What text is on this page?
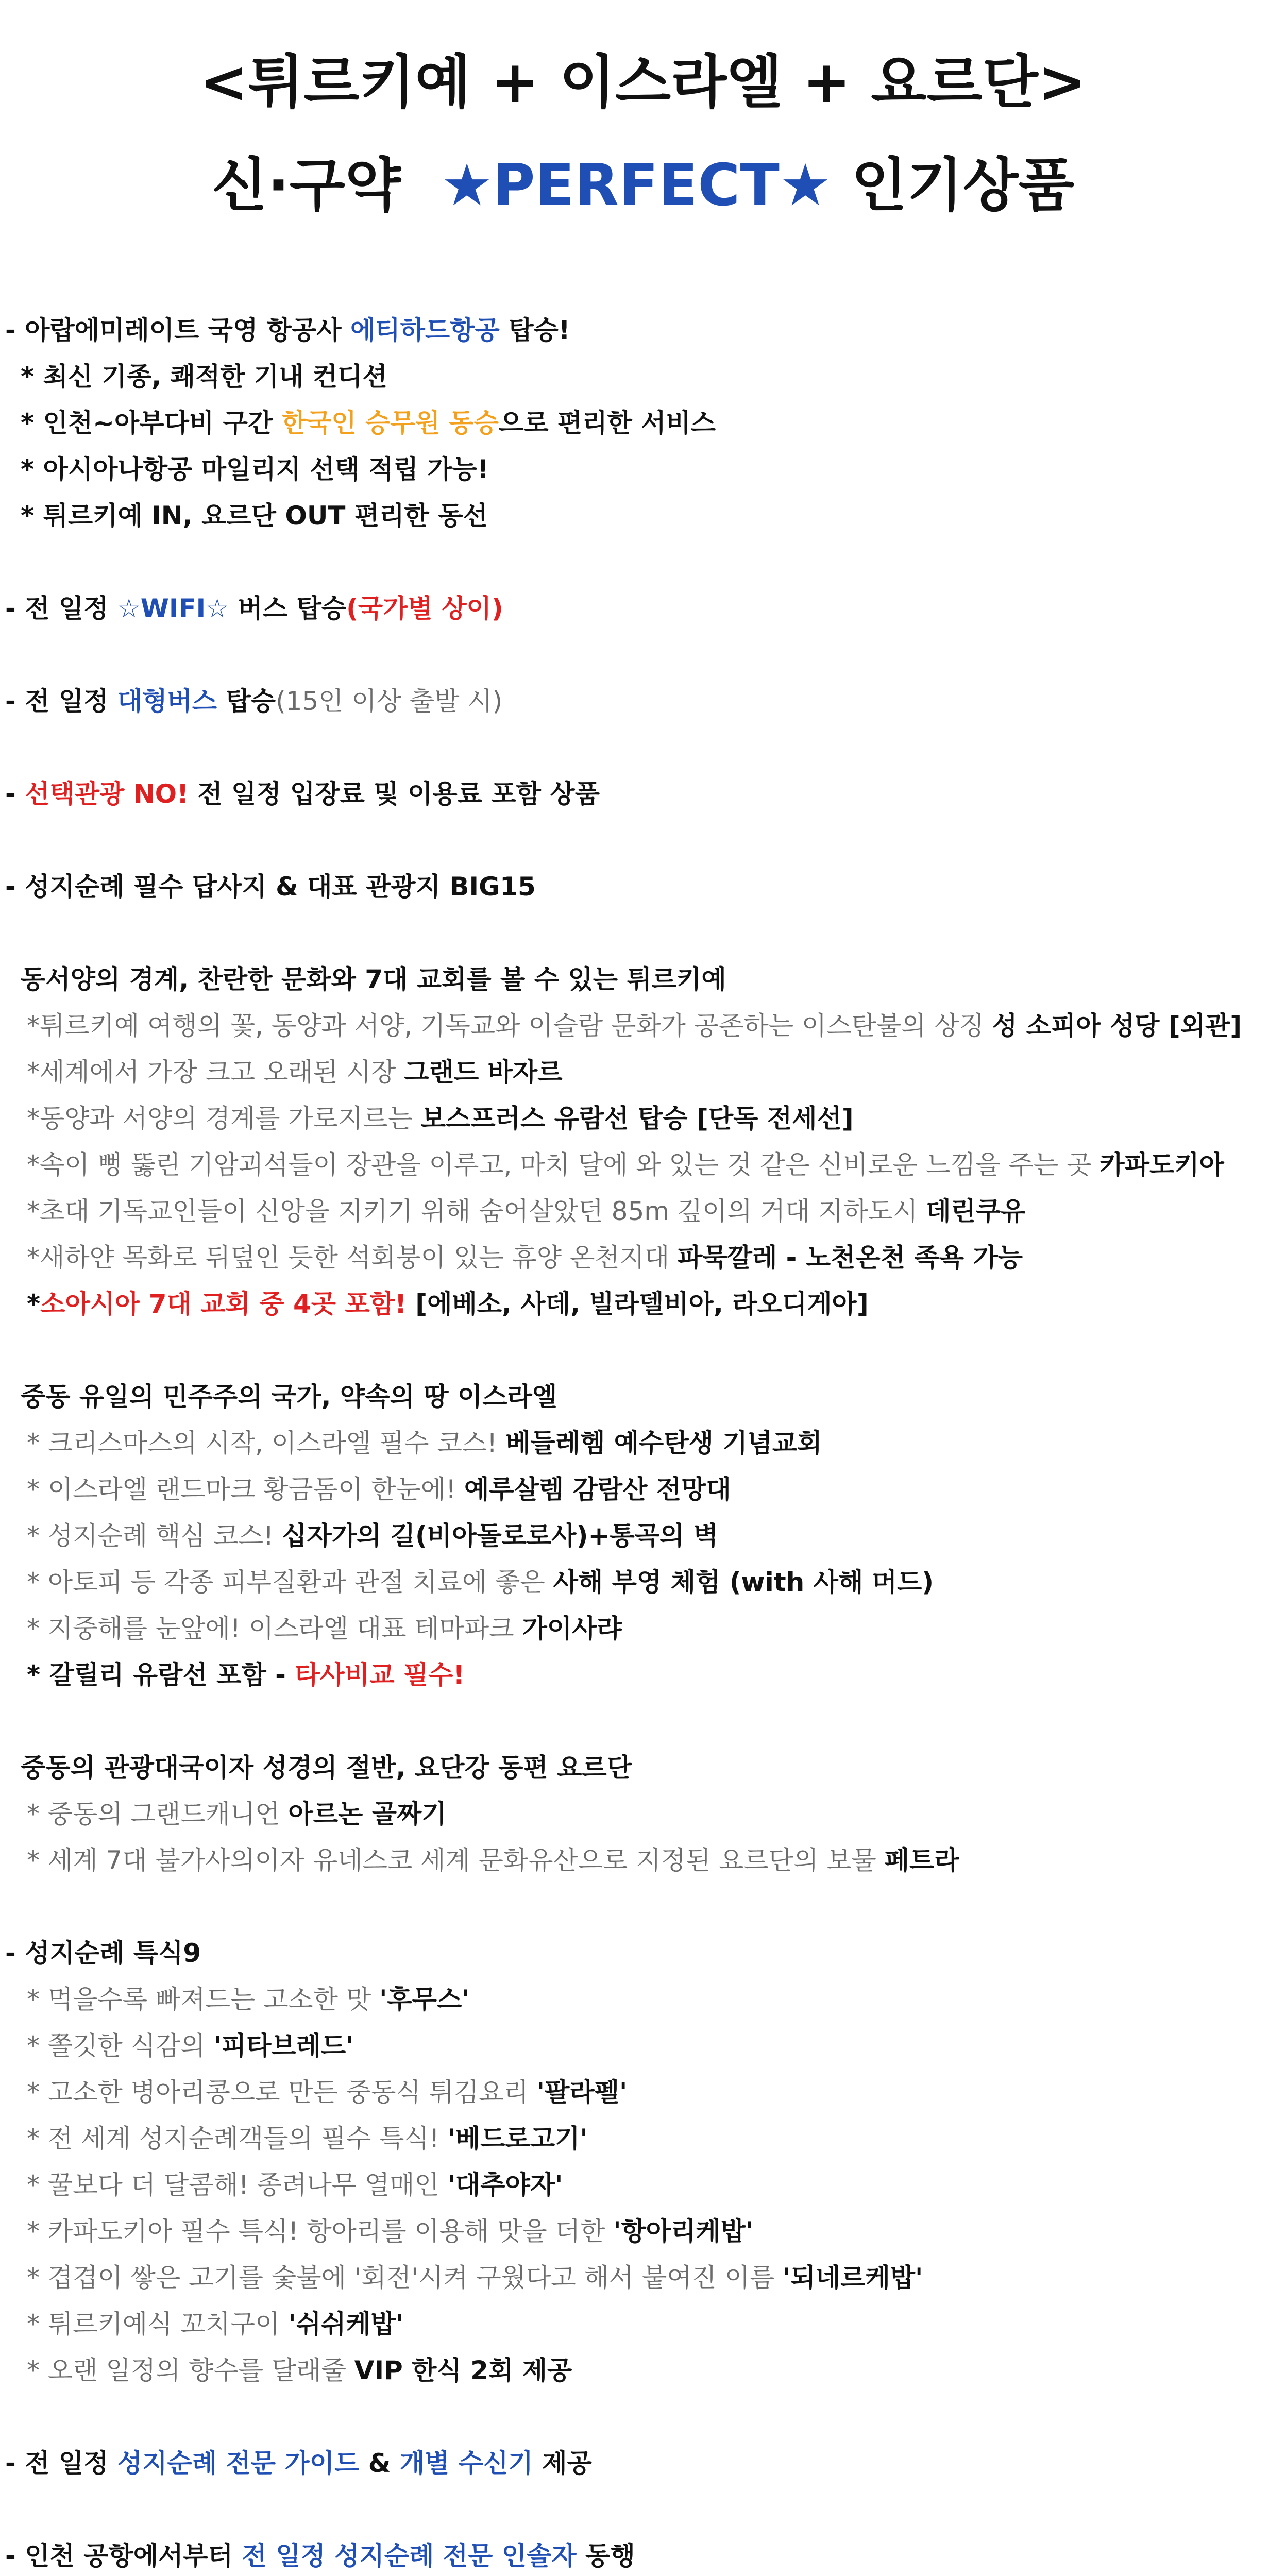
<튀르키예 + 이스라엘 + 요르단>
신·구약  ★PERFECT★ 인기상품
- 아랍에미레이트 국영 항공사 에티하드항공 탑승!
* 최신 기종, 쾌적한 기내 컨디션
* 인천~아부다비 구간 한국인 승무원 동승으로 편리한 서비스
* 아시아나항공 마일리지 선택 적립 가능!
* 튀르키예 IN, 요르단 OUT 편리한 동선
- 전 일정 ☆WIFI☆ 버스 탑승(국가별 상이)
- 전 일정 대형버스 탑승(15인 이상 출발 시)
- 선택관광 NO! 전 일정 입장료 및 이용료 포함 상품
- 성지순례 필수 답사지 & 대표 관광지 BIG15
동서양의 경계, 찬란한 문화와 7대 교회를 볼 수 있는 튀르키예
*튀르키예 여행의 꽃, 동양과 서양, 기독교와 이슬람 문화가 공존하는 이스탄불의 상징 성 소피아 성당 [외관]
*세계에서 가장 크고 오래된 시장 그랜드 바자르
*동양과 서양의 경계를 가로지르는 보스프러스 유람선 탑승 [단독 전세선]
*속이 뻥 뚫린 기암괴석들이 장관을 이루고, 마치 달에 와 있는 것 같은 신비로운 느낌을 주는 곳 카파도키아
*초대 기독교인들이 신앙을 지키기 위해 숨어살았던 85m 깊이의 거대 지하도시 데린쿠유
*새하얀 목화로 뒤덮인 듯한 석회붕이 있는 휴양 온천지대 파묵깔레 - 노천온천 족욕 가능
*소아시아 7대 교회 중 4곳 포함! [에베소, 사데, 빌라델비아, 라오디게아]
중동 유일의 민주주의 국가, 약속의 땅 이스라엘
* 크리스마스의 시작, 이스라엘 필수 코스! 베들레헴 예수탄생 기념교회
* 이스라엘 랜드마크 황금돔이 한눈에! 예루살렘 감람산 전망대
* 성지순례 핵심 코스! 십자가의 길(비아돌로로사)+통곡의 벽
* 아토피 등 각종 피부질환과 관절 치료에 좋은 사해 부영 체험 (with 사해 머드)
* 지중해를 눈앞에! 이스라엘 대표 테마파크 가이사랴
* 갈릴리 유람선 포함 - 타사비교 필수!
중동의 관광대국이자 성경의 절반, 요단강 동편 요르단
* 중동의 그랜드캐니언 아르논 골짜기
* 세계 7대 불가사의이자 유네스코 세계 문화유산으로 지정된 요르단의 보물 페트라
- 성지순례 특식9
* 먹을수록 빠져드는 고소한 맛 '후무스'
* 쫄깃한 식감의 '피타브레드'
* 고소한 병아리콩으로 만든 중동식 튀김요리 '팔라펠'
* 전 세계 성지순례객들의 필수 특식! '베드로고기'
* 꿀보다 더 달콤해! 종려나무 열매인 '대추야자'
* 카파도키아 필수 특식! 항아리를 이용해 맛을 더한 '항아리케밥'
* 겹겹이 쌓은 고기를 숯불에 '회전'시켜 구웠다고 해서 붙여진 이름 '되네르케밥'
* 튀르키예식 꼬치구이 '쉬쉬케밥'
* 오랜 일정의 향수를 달래줄 VIP 한식 2회 제공
- 전 일정 성지순례 전문 가이드 & 개별 수신기 제공
- 인천 공항에서부터 전 일정 성지순례 전문 인솔자 동행
